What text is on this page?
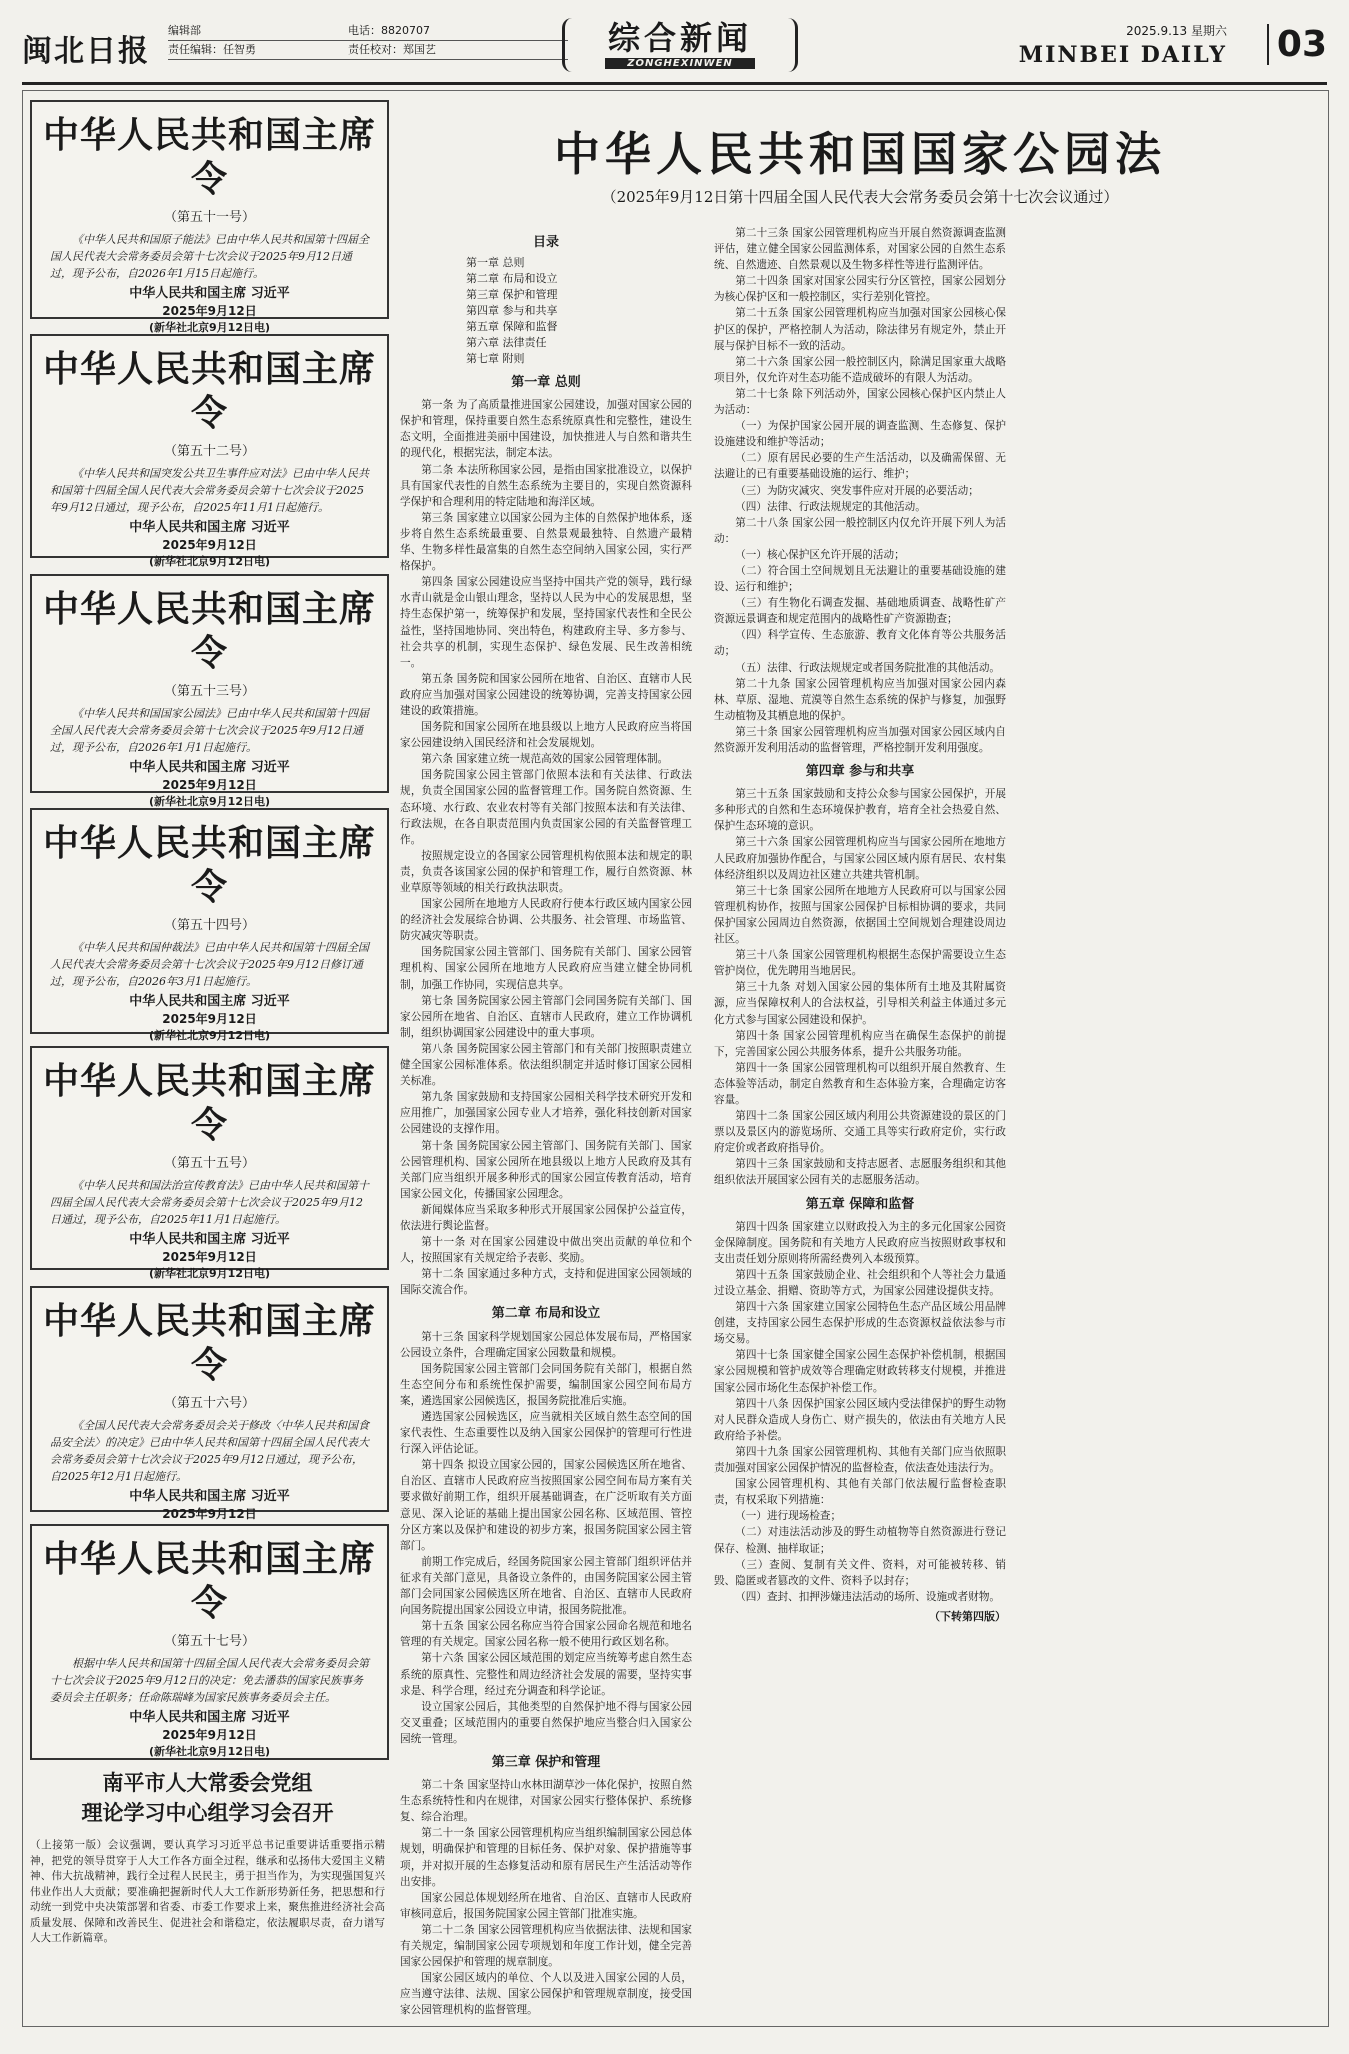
闽北日报
编辑部	电话：8820707
责任编辑：任智勇	责任校对：郑国艺	综合新闻
ZONGHEXINWEN
2025.9.13 星期六
MINBEI DAILY 03
中华人民共和国主席令
（第五十一号）
《中华人民共和国原子能法》已由中华人民共和国第十四届全国人民代表大会常务委员会第十七次会议于2025年9月12日通过，现予公布，自2026年1月15日起施行。
中华人民共和国主席 习近平
2025年9月12日
(新华社北京9月12日电)
中华人民共和国主席令
（第五十二号）
《中华人民共和国突发公共卫生事件应对法》已由中华人民共和国第十四届全国人民代表大会常务委员会第十七次会议于2025年9月12日通过，现予公布，自2025年11月1日起施行。
中华人民共和国主席 习近平
2025年9月12日
(新华社北京9月12日电)
中华人民共和国主席令
（第五十三号）
《中华人民共和国国家公园法》已由中华人民共和国第十四届全国人民代表大会常务委员会第十七次会议于2025年9月12日通过，现予公布，自2026年1月1日起施行。
中华人民共和国主席 习近平
2025年9月12日
(新华社北京9月12日电)
中华人民共和国主席令
（第五十四号）
《中华人民共和国仲裁法》已由中华人民共和国第十四届全国人民代表大会常务委员会第十七次会议于2025年9月12日修订通过，现予公布，自2026年3月1日起施行。
中华人民共和国主席 习近平
2025年9月12日
(新华社北京9月12日电)
中华人民共和国主席令
（第五十五号）
《中华人民共和国法治宣传教育法》已由中华人民共和国第十四届全国人民代表大会常务委员会第十七次会议于2025年9月12日通过，现予公布，自2025年11月1日起施行。
中华人民共和国主席 习近平
2025年9月12日
(新华社北京9月12日电)
中华人民共和国主席令
（第五十六号）
《全国人民代表大会常务委员会关于修改〈中华人民共和国食品安全法〉的决定》已由中华人民共和国第十四届全国人民代表大会常务委员会第十七次会议于2025年9月12日通过，现予公布，自2025年12月1日起施行。
中华人民共和国主席 习近平
2025年9月12日
中华人民共和国主席令
（第五十七号）
根据中华人民共和国第十四届全国人民代表大会常务委员会第十七次会议于2025年9月12日的决定：免去潘恭的国家民族事务委员会主任职务；任命陈瑞峰为国家民族事务委员会主任。
中华人民共和国主席 习近平
2025年9月12日
(新华社北京9月12日电)
南平市人大常委会党组
理论学习中心组学习会召开
（上接第一版）会议强调，要认真学习习近平总书记重要讲话重要指示精神，把党的领导贯穿于人大工作各方面全过程，继承和弘扬伟大爱国主义精神、伟大抗战精神，践行全过程人民民主，勇于担当作为，为实现强国复兴伟业作出人大贡献；要准确把握新时代人大工作新形势新任务，把思想和行动统一到党中央决策部署和省委、市委工作要求上来，聚焦推进经济社会高质量发展、保障和改善民生、促进社会和谐稳定，依法履职尽责，奋力谱写人大工作新篇章。
中华人民共和国国家公园法
（2025年9月12日第十四届全国人民代表大会常务委员会第十七次会议通过）
目录
第一章 总则
第二章 布局和设立
第三章 保护和管理
第四章 参与和共享
第五章 保障和监督
第六章 法律责任
第七章 附则
第一章 总则

第一条 为了高质量推进国家公园建设，加强对国家公园的保护和管理，保持重要自然生态系统原真性和完整性，建设生态文明，全面推进美丽中国建设，加快推进人与自然和谐共生的现代化，根据宪法，制定本法。

第二条 本法所称国家公园，是指由国家批准设立，以保护具有国家代表性的自然生态系统为主要目的，实现自然资源科学保护和合理利用的特定陆地和海洋区域。

第三条 国家建立以国家公园为主体的自然保护地体系，逐步将自然生态系统最重要、自然景观最独特、自然遗产最精华、生物多样性最富集的自然生态空间纳入国家公园，实行严格保护。

第四条 国家公园建设应当坚持中国共产党的领导，践行绿水青山就是金山银山理念，坚持以人民为中心的发展思想，坚持生态保护第一，统筹保护和发展，坚持国家代表性和全民公益性，坚持国地协同、突出特色，构建政府主导、多方参与、社会共享的机制，实现生态保护、绿色发展、民生改善相统一。

第五条 国务院和国家公园所在地省、自治区、直辖市人民政府应当加强对国家公园建设的统筹协调，完善支持国家公园建设的政策措施。

国务院和国家公园所在地县级以上地方人民政府应当将国家公园建设纳入国民经济和社会发展规划。

第六条 国家建立统一规范高效的国家公园管理体制。

国务院国家公园主管部门依照本法和有关法律、行政法规，负责全国国家公园的监督管理工作。国务院自然资源、生态环境、水行政、农业农村等有关部门按照本法和有关法律、行政法规，在各自职责范围内负责国家公园的有关监督管理工作。

按照规定设立的各国家公园管理机构依照本法和规定的职责，负责各该国家公园的保护和管理工作，履行自然资源、林业草原等领域的相关行政执法职责。

国家公园所在地地方人民政府行使本行政区域内国家公园的经济社会发展综合协调、公共服务、社会管理、市场监管、防灾减灾等职责。

国务院国家公园主管部门、国务院有关部门、国家公园管理机构、国家公园所在地地方人民政府应当建立健全协同机制，加强工作协同，实现信息共享。

第七条 国务院国家公园主管部门会同国务院有关部门、国家公园所在地省、自治区、直辖市人民政府，建立工作协调机制，组织协调国家公园建设中的重大事项。

第八条 国务院国家公园主管部门和有关部门按照职责建立健全国家公园标准体系。依法组织制定并适时修订国家公园相关标准。

第九条 国家鼓励和支持国家公园相关科学技术研究开发和应用推广，加强国家公园专业人才培养，强化科技创新对国家公园建设的支撑作用。

第十条 国务院国家公园主管部门、国务院有关部门、国家公园管理机构、国家公园所在地县级以上地方人民政府及其有关部门应当组织开展多种形式的国家公园宣传教育活动，培育国家公园文化，传播国家公园理念。

新闻媒体应当采取多种形式开展国家公园保护公益宣传，依法进行舆论监督。

第十一条 对在国家公园建设中做出突出贡献的单位和个人，按照国家有关规定给予表彰、奖励。

第十二条 国家通过多种方式，支持和促进国家公园领域的国际交流合作。

第二章 布局和设立

第十三条 国家科学规划国家公园总体发展布局，严格国家公园设立条件，合理确定国家公园数量和规模。

国务院国家公园主管部门会同国务院有关部门，根据自然生态空间分布和系统性保护需要，编制国家公园空间布局方案，遴选国家公园候选区，报国务院批准后实施。

遴选国家公园候选区，应当就相关区域自然生态空间的国家代表性、生态重要性以及纳入国家公园保护的管理可行性进行深入评估论证。

第十四条 拟设立国家公园的，国家公园候选区所在地省、自治区、直辖市人民政府应当按照国家公园空间布局方案有关要求做好前期工作，组织开展基础调查，在广泛听取有关方面意见、深入论证的基础上提出国家公园名称、区域范围、管控分区方案以及保护和建设的初步方案，报国务院国家公园主管部门。

前期工作完成后，经国务院国家公园主管部门组织评估并征求有关部门意见，具备设立条件的，由国务院国家公园主管部门会同国家公园候选区所在地省、自治区、直辖市人民政府向国务院提出国家公园设立申请，报国务院批准。

第十五条 国家公园名称应当符合国家公园命名规范和地名管理的有关规定。国家公园名称一般不使用行政区划名称。

第十六条 国家公园区域范围的划定应当统筹考虑自然生态系统的原真性、完整性和周边经济社会发展的需要，坚持实事求是、科学合理，经过充分调查和科学论证。

设立国家公园后，其他类型的自然保护地不得与国家公园交叉重叠；区域范围内的重要自然保护地应当整合归入国家公园统一管理。

第三章 保护和管理

第二十条 国家坚持山水林田湖草沙一体化保护，按照自然生态系统特性和内在规律，对国家公园实行整体保护、系统修复、综合治理。

第二十一条 国家公园管理机构应当组织编制国家公园总体规划，明确保护和管理的目标任务、保护对象、保护措施等事项，并对拟开展的生态修复活动和原有居民生产生活活动等作出安排。

国家公园总体规划经所在地省、自治区、直辖市人民政府审核同意后，报国务院国家公园主管部门批准实施。

第二十二条 国家公园管理机构应当依据法律、法规和国家有关规定，编制国家公园专项规划和年度工作计划，健全完善国家公园保护和管理的规章制度。

国家公园区域内的单位、个人以及进入国家公园的人员，应当遵守法律、法规、国家公园保护和管理规章制度，接受国家公园管理机构的监督管理。

第二十三条 国家公园管理机构应当开展自然资源调查监测评估，建立健全国家公园监测体系，对国家公园的自然生态系统、自然遗迹、自然景观以及生物多样性等进行监测评估。

第二十四条 国家对国家公园实行分区管控，国家公园划分为核心保护区和一般控制区，实行差别化管控。

第二十五条 国家公园管理机构应当加强对国家公园核心保护区的保护，严格控制人为活动，除法律另有规定外，禁止开展与保护目标不一致的活动。

第二十六条 国家公园一般控制区内，除满足国家重大战略项目外，仅允许对生态功能不造成破坏的有限人为活动。

第二十七条 除下列活动外，国家公园核心保护区内禁止人为活动：

（一）为保护国家公园开展的调查监测、生态修复、保护设施建设和维护等活动；

（二）原有居民必要的生产生活活动，以及确需保留、无法避让的已有重要基础设施的运行、维护；

（三）为防灾减灾、突发事件应对开展的必要活动；

（四）法律、行政法规规定的其他活动。

第二十八条 国家公园一般控制区内仅允许开展下列人为活动：

（一）核心保护区允许开展的活动；

（二）符合国土空间规划且无法避让的重要基础设施的建设、运行和维护；

（三）有生物化石调查发掘、基础地质调查、战略性矿产资源远景调查和规定范围内的战略性矿产资源勘查；

（四）科学宣传、生态旅游、教育文化体育等公共服务活动；

（五）法律、行政法规规定或者国务院批准的其他活动。

第二十九条 国家公园管理机构应当加强对国家公园内森林、草原、湿地、荒漠等自然生态系统的保护与修复，加强野生动植物及其栖息地的保护。

第三十条 国家公园管理机构应当加强对国家公园区域内自然资源开发利用活动的监督管理，严格控制开发利用强度。

第四章 参与和共享

第三十五条 国家鼓励和支持公众参与国家公园保护，开展多种形式的自然和生态环境保护教育，培育全社会热爱自然、保护生态环境的意识。

第三十六条 国家公园管理机构应当与国家公园所在地地方人民政府加强协作配合，与国家公园区域内原有居民、农村集体经济组织以及周边社区建立共建共管机制。

第三十七条 国家公园所在地地方人民政府可以与国家公园管理机构协作，按照与国家公园保护目标相协调的要求，共同保护国家公园周边自然资源，依据国土空间规划合理建设周边社区。

第三十八条 国家公园管理机构根据生态保护需要设立生态管护岗位，优先聘用当地居民。

第三十九条 对划入国家公园的集体所有土地及其附属资源，应当保障权利人的合法权益，引导相关利益主体通过多元化方式参与国家公园建设和保护。

第四十条 国家公园管理机构应当在确保生态保护的前提下，完善国家公园公共服务体系，提升公共服务功能。

第四十一条 国家公园管理机构可以组织开展自然教育、生态体验等活动，制定自然教育和生态体验方案，合理确定访客容量。

第四十二条 国家公园区域内利用公共资源建设的景区的门票以及景区内的游览场所、交通工具等实行政府定价，实行政府定价或者政府指导价。

第四十三条 国家鼓励和支持志愿者、志愿服务组织和其他组织依法开展国家公园有关的志愿服务活动。

第五章 保障和监督

第四十四条 国家建立以财政投入为主的多元化国家公园资金保障制度。国务院和有关地方人民政府应当按照财政事权和支出责任划分原则将所需经费列入本级预算。

第四十五条 国家鼓励企业、社会组织和个人等社会力量通过设立基金、捐赠、资助等方式，为国家公园建设提供支持。

第四十六条 国家建立国家公园特色生态产品区域公用品牌创建，支持国家公园生态保护形成的生态资源权益依法参与市场交易。

第四十七条 国家健全国家公园生态保护补偿机制，根据国家公园规模和管护成效等合理确定财政转移支付规模，并推进国家公园市场化生态保护补偿工作。

第四十八条 因保护国家公园区域内受法律保护的野生动物对人民群众造成人身伤亡、财产损失的，依法由有关地方人民政府给予补偿。

第四十九条 国家公园管理机构、其他有关部门应当依照职责加强对国家公园保护情况的监督检查，依法查处违法行为。

国家公园管理机构、其他有关部门依法履行监督检查职责，有权采取下列措施：

（一）进行现场检查；

（二）对违法活动涉及的野生动植物等自然资源进行登记保存、检测、抽样取证；

（三）查阅、复制有关文件、资料，对可能被转移、销毁、隐匿或者篡改的文件、资料予以封存；

（四）查封、扣押涉嫌违法活动的场所、设施或者财物。

（下转第四版）
